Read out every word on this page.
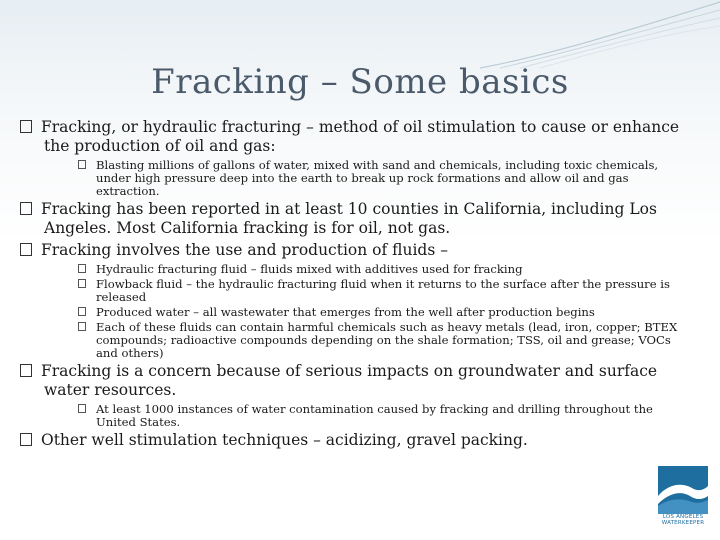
Fracking – Some basics
Fracking, or hydraulic fracturing – method of oil stimulation to cause or enhance the production of oil and gas:
Blasting millions of gallons of water, mixed with sand and chemicals, including toxic chemicals, under high pressure deep into the earth to break up rock formations and allow oil and gas extraction.
Fracking has been reported in at least 10 counties in California, including Los Angeles. Most California fracking is for oil, not gas.
Fracking involves the use and production of fluids –
Hydraulic fracturing fluid – fluids mixed with additives used for fracking
Flowback fluid – the hydraulic fracturing fluid when it returns to the surface after the pressure is released
Produced water – all wastewater that emerges from the well after production begins
Each of these fluids can contain harmful chemicals such as heavy metals (lead, iron, copper; BTEX compounds; radioactive compounds depending on the shale formation; TSS, oil and grease; VOCs and others)
Fracking is a concern because of serious impacts on groundwater and surface water resources.
At least 1000 instances of water contamination caused by fracking and drilling throughout the United States.
Other well stimulation techniques – acidizing, gravel packing.
LOS ANGELES
WATERKEEPER
